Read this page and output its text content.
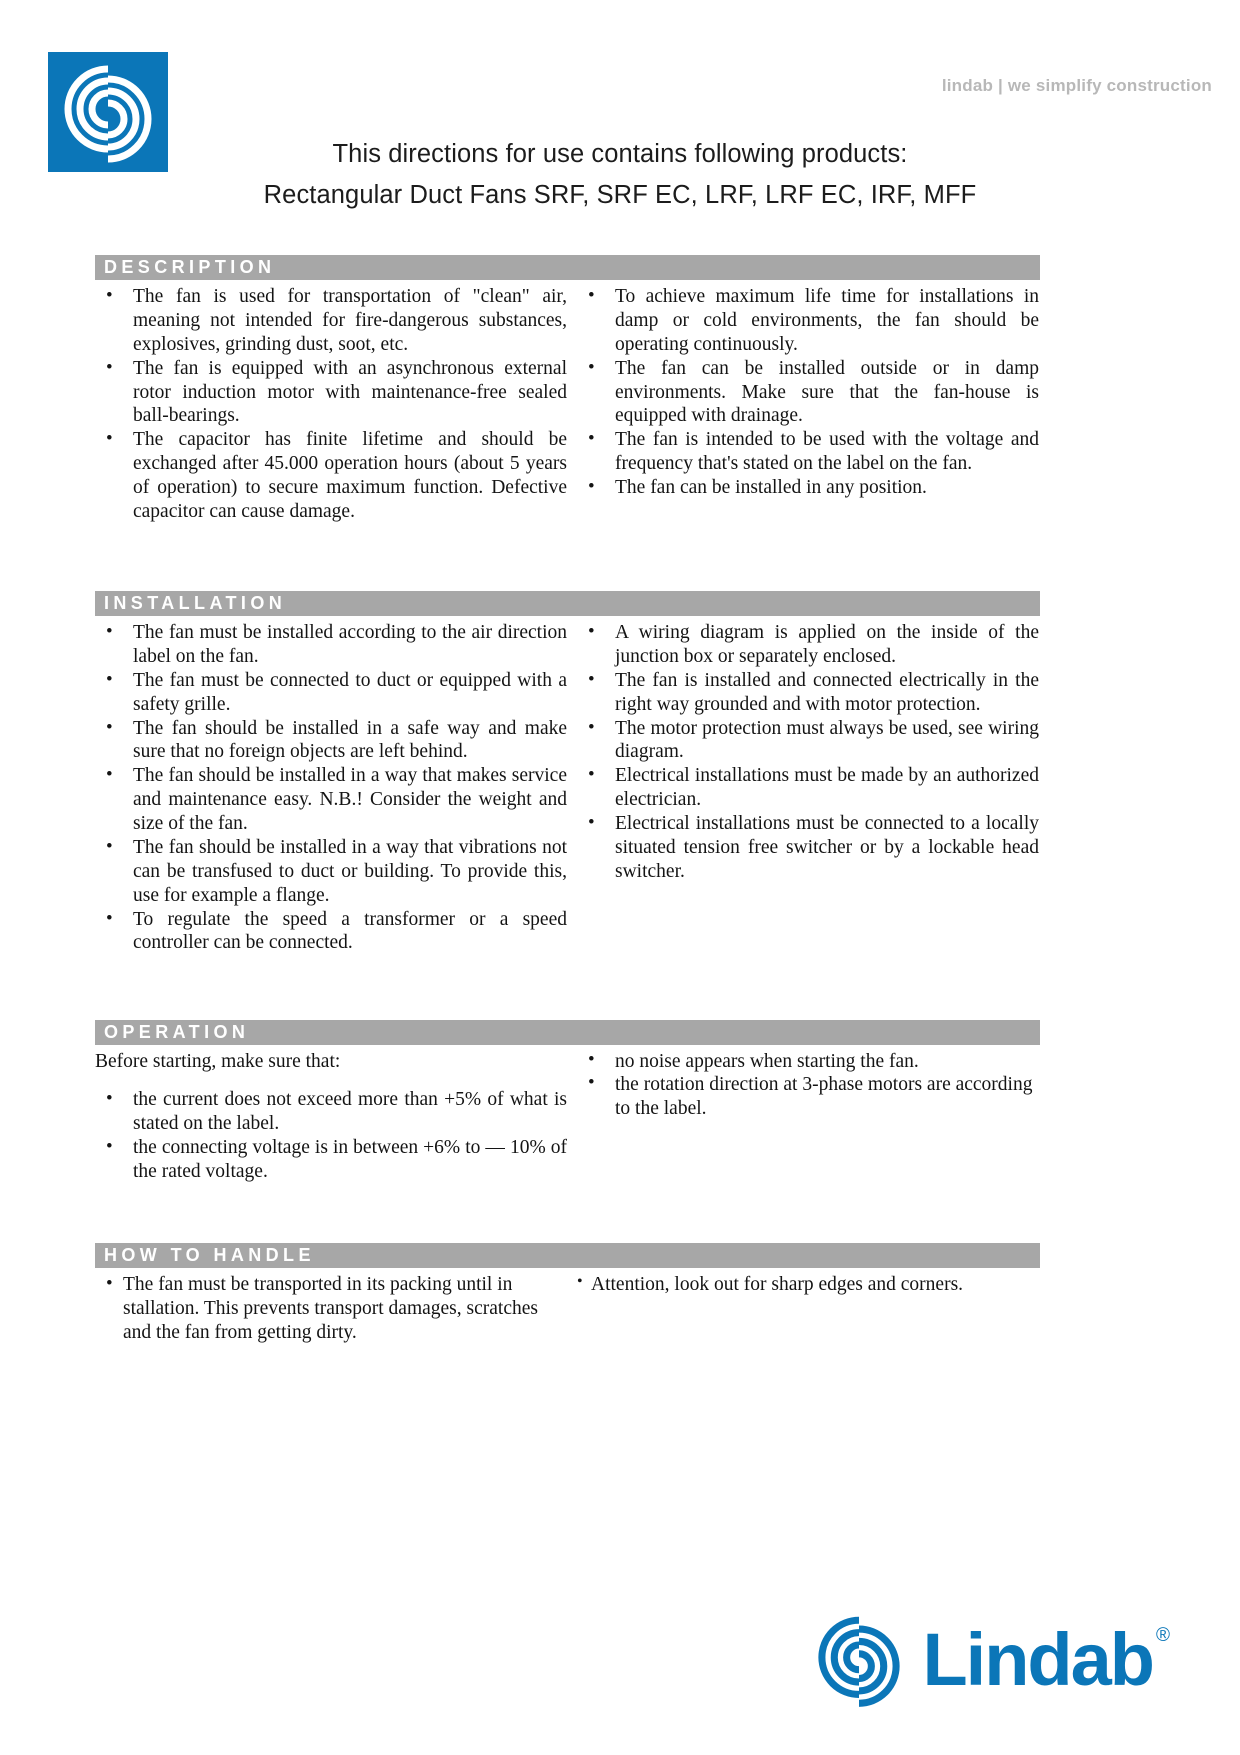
lindab | we simplify construction
This directions for use contains following products:
Rectangular Duct Fans SRF, SRF EC, LRF, LRF EC, IRF, MFF
DESCRIPTION
• The fan is used for transportation of "clean" air, meaning not intended for fire-dangerous substances, explosives, grinding dust, soot, etc.
• The fan is equipped with an asynchronous external rotor induction motor with maintenance-free sealed ball-bearings.
• The capacitor has finite lifetime and should be exchanged after 45.000 operation hours (about 5 years of operation) to secure maximum function. Defective capacitor can cause damage.
• To achieve maximum life time for installations in damp or cold environments, the fan should be operating continuously.
• The fan can be installed outside or in damp environments. Make sure that the fan-house is equipped with drainage.
• The fan is intended to be used with the voltage and frequency that's stated on the label on the fan.
• The fan can be installed in any position.
INSTALLATION
• The fan must be installed according to the air direction label on the fan.
• The fan must be connected to duct or equipped with a safety grille.
• The fan should be installed in a safe way and make sure that no foreign objects are left behind.
• The fan should be installed in a way that makes service and maintenance easy. N.B.! Consider the weight and size of the fan.
• The fan should be installed in a way that vibrations not can be transfused to duct or building. To provide this, use for example a flange.
• To regulate the speed a transformer or a speed controller can be connected.
• A wiring diagram is applied on the inside of the junction box or separately enclosed.
• The fan is installed and connected electrically in the right way grounded and with motor protection.
• The motor protection must always be used, see wiring diagram.
• Electrical installations must be made by an authorized electrician.
• Electrical installations must be connected to a locally situated tension free switcher or by a lockable head switcher.
OPERATION

Before starting, make sure that:

• the current does not exceed more than +5% of what is stated on the label.
• the connecting voltage is in between +6% to — 10% of the rated voltage.
• no noise appears when starting the fan.
• the rotation direction at 3-phase motors are according to the label.
HOW TO HANDLE
• The fan must be transported in its packing until in stallation. This prevents transport damages, scratches and the fan from getting dirty.
• Attention, look out for sharp edges and corners.
Lindab ®
